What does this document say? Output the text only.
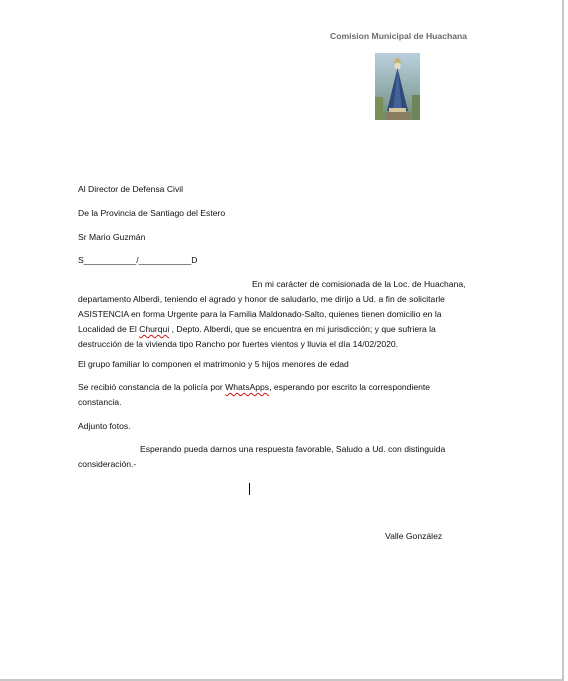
Comision Municipal de Huachana
Al Director de Defensa Civil
De la Provincia de Santiago del Estero
Sr Mario Guzmán
S___________/___________D
En mi carácter de comisionada de la Loc. de Huachana,
departamento Alberdi, teniendo el agrado y honor de saludarlo, me dirijo a Ud. a fin de solicitarle
ASISTENCIA en forma Urgente para la Familia Maldonado-Salto, quienes tienen domicilio en la
Localidad de El Churqui , Depto. Alberdi, que se encuentra en mi jurisdicción; y que sufriera la
destrucción de la vivienda tipo Rancho por fuertes vientos y lluvia el día 14/02/2020.
El grupo familiar lo componen el matrimonio y 5 hijos menores de edad
Se recibió constancia de la policía por WhatsApps, esperando por escrito la correspondiente
constancia.
Adjunto fotos.
Esperando pueda darnos una respuesta favorable, Saludo a Ud. con distinguida
consideración.-
Valle González
